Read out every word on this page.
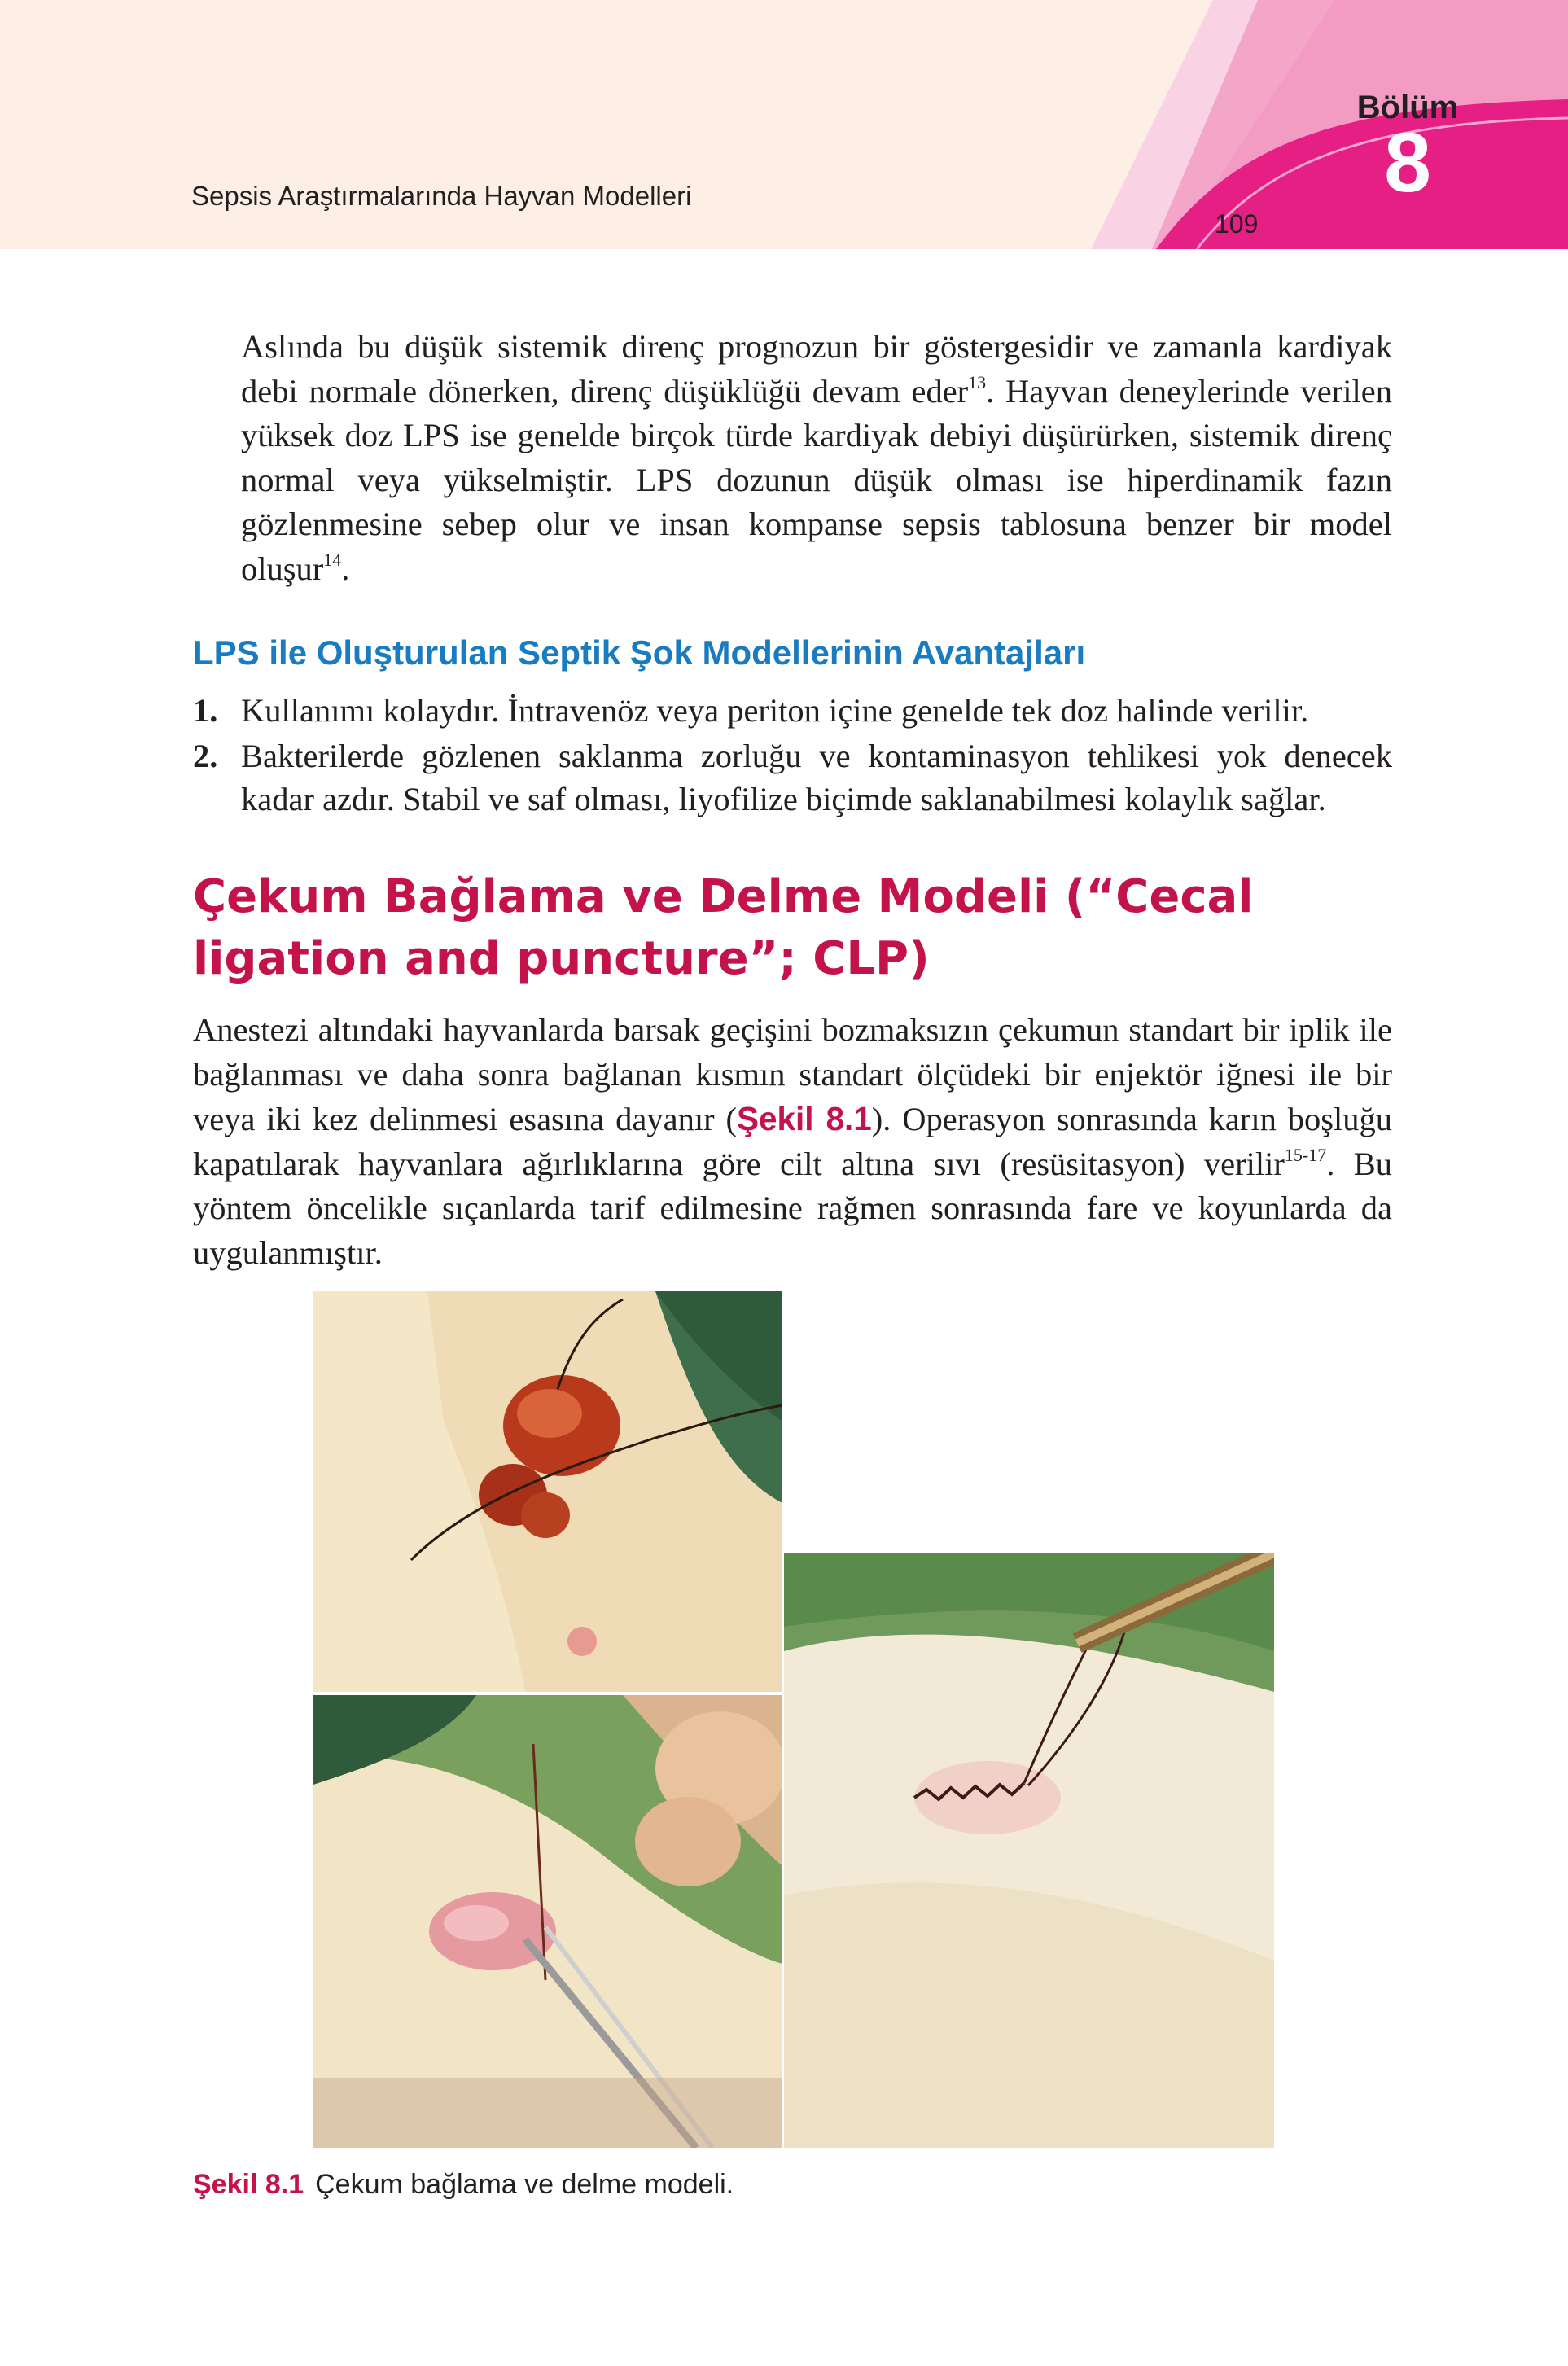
Sepsis Araştırmalarında Hayvan Modelleri
109
Bölüm
8

Aslında bu düşük sistemik direnç prognozun bir göstergesidir ve zamanla kardiyak debi normale dönerken, direnç düşüklüğü devam eder$^{13}$. Hayvan deneylerinde verilen yüksek doz LPS ise genelde birçok türde kardiyak debiyi düşürürken, sistemik direnç normal veya yükselmiştir. LPS dozunun düşük olması ise hiperdinamik fazın gözlenmesine sebep olur ve insan kompanse sepsis tablosuna benzer bir model oluşur$^{14}$.

LPS ile Oluşturulan Septik Şok Modellerinin Avantajları
1. Kullanımı kolaydır. İntravenöz veya periton içine genelde tek doz halinde verilir.
2. Bakterilerde gözlenen saklanma zorluğu ve kontaminasyon tehlikesi yok denecek kadar azdır. Stabil ve saf olması, liyofilize biçimde saklanabilmesi kolaylık sağlar.
Çekum Bağlama ve Delme Modeli (“Cecal ligation and puncture”; CLP)

Anestezi altındaki hayvanlarda barsak geçişini bozmaksızın çekumun standart bir iplik ile bağlanması ve daha sonra bağlanan kısmın standart ölçüdeki bir enjektör iğnesi ile bir veya iki kez delinmesi esasına dayanır (Şekil 8.1). Operasyon sonrasında karın boşluğu kapatılarak hayvanlara ağırlıklarına göre cilt altına sıvı (resüsitasyon) verilir$^{15-17}$. Bu yöntem öncelikle sıçanlarda tarif edilmesine rağmen sonrasında fare ve koyunlarda da uygulanmıştır.

Şekil 8.1 Çekum bağlama ve delme modeli.
